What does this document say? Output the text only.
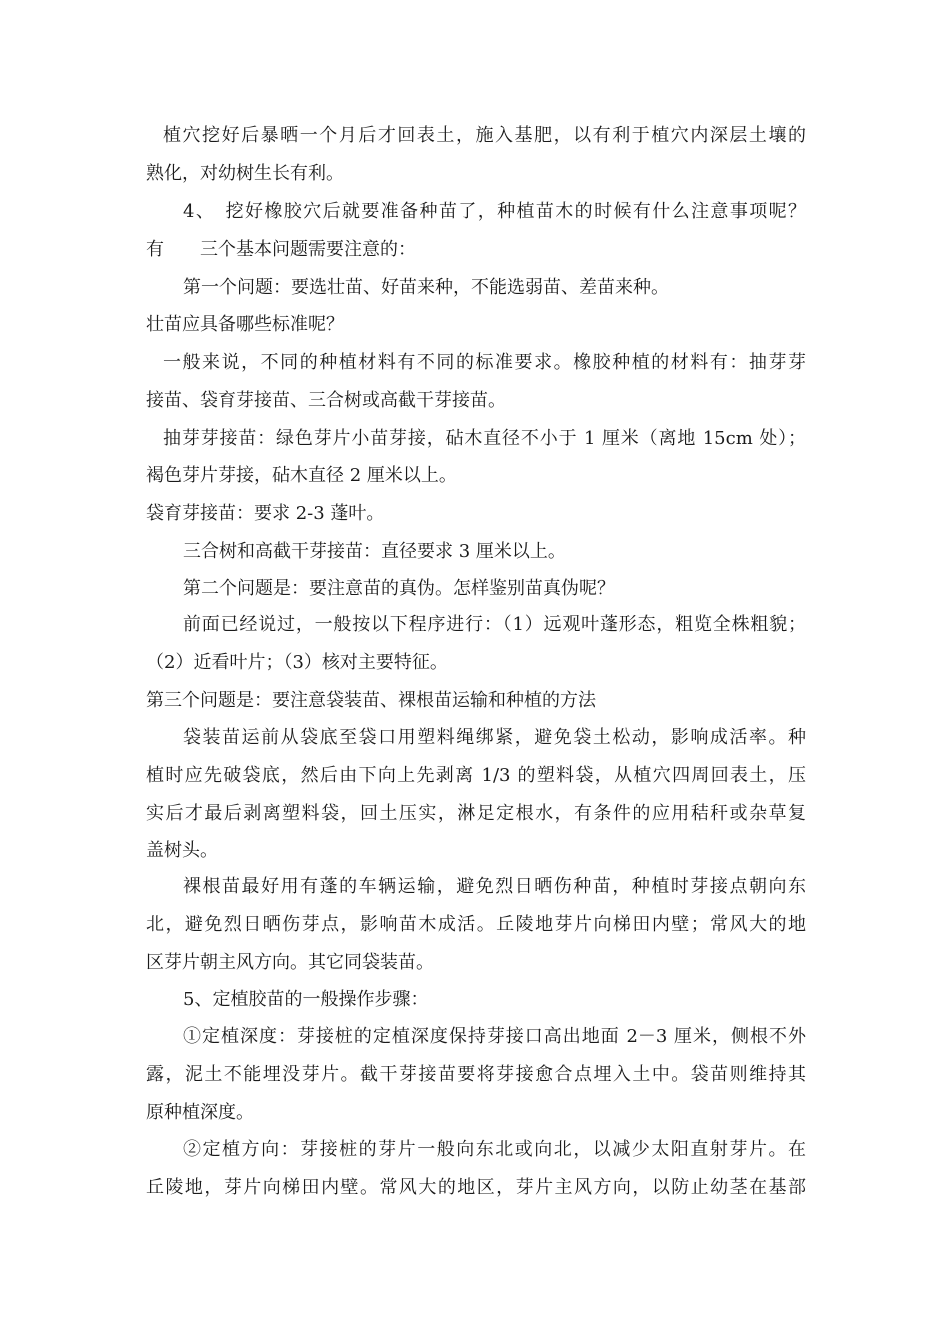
植穴挖好后暴晒一个月后才回表土，施入基肥，以有利于植穴内深层土壤的
熟化，对幼树生长有利。
4、　挖好橡胶穴后就要准备种苗了，种植苗木的时候有什么注意事项呢？
有　　三个基本问题需要注意的：
第一个问题：要选壮苗、好苗来种，不能选弱苗、差苗来种。
壮苗应具备哪些标准呢？
一般来说，不同的种植材料有不同的标准要求。橡胶种植的材料有：抽芽芽
接苗、袋育芽接苗、三合树或高截干芽接苗。
抽芽芽接苗：绿色芽片小苗芽接，砧木直径不小于 1 厘米（离地 15cm 处）；
褐色芽片芽接，砧木直径 2 厘米以上。
袋育芽接苗：要求 2-3 蓬叶。
三合树和高截干芽接苗：直径要求 3 厘米以上。
第二个问题是：要注意苗的真伪。怎样鉴别苗真伪呢？
前面已经说过，一般按以下程序进行：（1）远观叶蓬形态，粗览全株粗貌；
（2）近看叶片；（3）核对主要特征。
第三个问题是：要注意袋装苗、裸根苗运输和种植的方法
袋装苗运前从袋底至袋口用塑料绳绑紧，避免袋土松动，影响成活率。种
植时应先破袋底，然后由下向上先剥离 1/3 的塑料袋，从植穴四周回表土，压
实后才最后剥离塑料袋，回土压实，淋足定根水，有条件的应用秸秆或杂草复
盖树头。
裸根苗最好用有蓬的车辆运输，避免烈日晒伤种苗，种植时芽接点朝向东
北，避免烈日晒伤芽点，影响苗木成活。丘陵地芽片向梯田内壁；常风大的地
区芽片朝主风方向。其它同袋装苗。
5、定植胶苗的一般操作步骤：
①定植深度：芽接桩的定植深度保持芽接口高出地面 2－3 厘米，侧根不外
露，泥土不能埋没芽片。截干芽接苗要将芽接愈合点埋入土中。袋苗则维持其
原种植深度。
②定植方向：芽接桩的芽片一般向东北或向北，以减少太阳直射芽片。在
丘陵地，芽片向梯田内壁。常风大的地区，芽片主风方向，以防止幼茎在基部
